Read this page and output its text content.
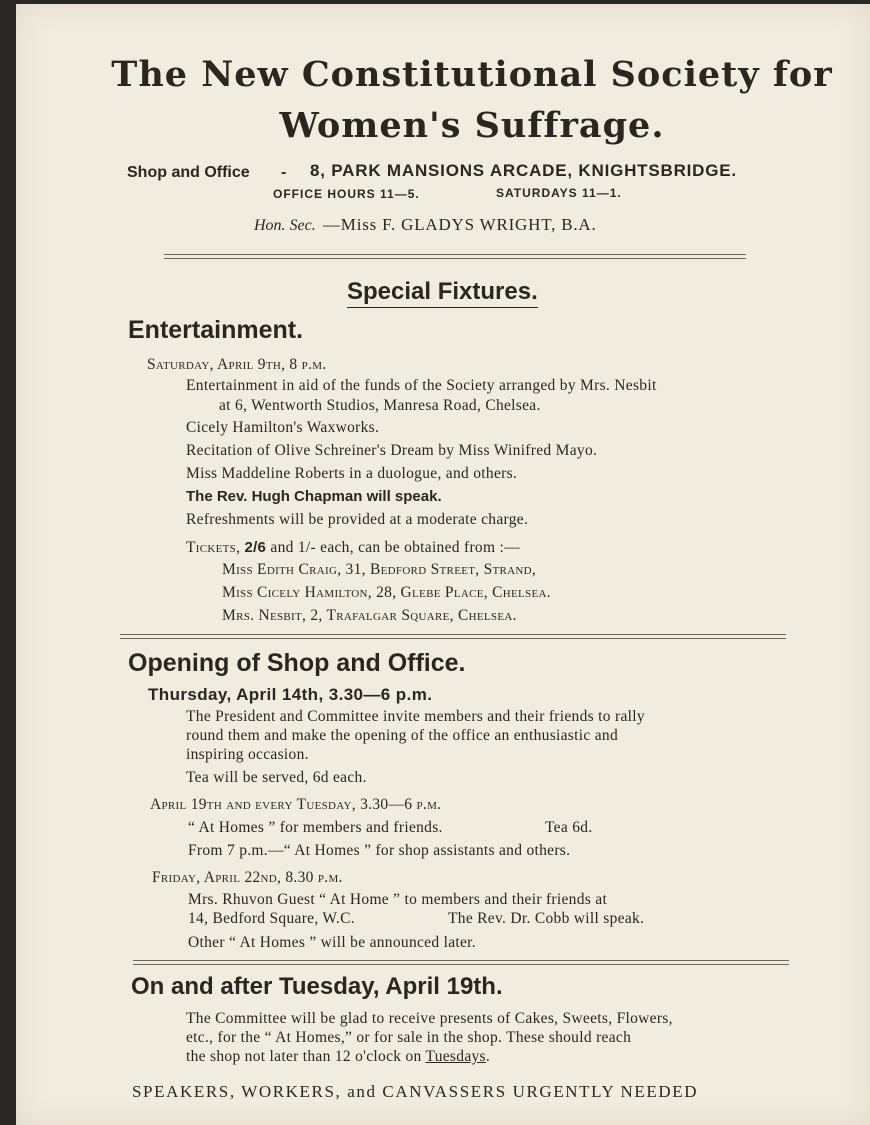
The New Constitutional Society for
Women's Suffrage.
Shop and Office - 8, PARK MANSIONS ARCADE, KNIGHTSBRIDGE.
OFFICE HOURS 11—5.	SATURDAYS 11—1.
Hon. Sec. —Miss F. GLADYS WRIGHT, B.A.
Special Fixtures.
Entertainment.
Saturday, April 9th, 8 p.m.
Entertainment in aid of the funds of the Society arranged by Mrs. Nesbit
at 6, Wentworth Studios, Manresa Road, Chelsea.
Cicely Hamilton's Waxworks.
Recitation of Olive Schreiner's Dream by Miss Winifred Mayo.
Miss Maddeline Roberts in a duologue, and others.
The Rev. Hugh Chapman will speak.
Refreshments will be provided at a moderate charge.
Tickets, 2/6 and 1/- each, can be obtained from :—
Miss Edith Craig, 31, Bedford Street, Strand,
Miss Cicely Hamilton, 28, Glebe Place, Chelsea.
Mrs. Nesbit, 2, Trafalgar Square, Chelsea.
Opening of Shop and Office.
Thursday, April 14th, 3.30—6 p.m.
The President and Committee invite members and their friends to rally
round them and make the opening of the office an enthusiastic and
inspiring occasion.
Tea will be served, 6d each.
April 19th and every Tuesday, 3.30—6 p.m.
“ At Homes ” for members and friends.	Tea 6d.
From 7 p.m.—“ At Homes ” for shop assistants and others.
Friday, April 22nd, 8.30 p.m.
Mrs. Rhuvon Guest “ At Home ” to members and their friends at
14, Bedford Square, W.C.	The Rev. Dr. Cobb will speak.
Other “ At Homes ” will be announced later.
On and after Tuesday, April 19th.
The Committee will be glad to receive presents of Cakes, Sweets, Flowers,
etc., for the “ At Homes,” or for sale in the shop. These should reach
the shop not later than 12 o'clock on Tuesdays.
SPEAKERS, WORKERS, and CANVASSERS URGENTLY NEEDED
